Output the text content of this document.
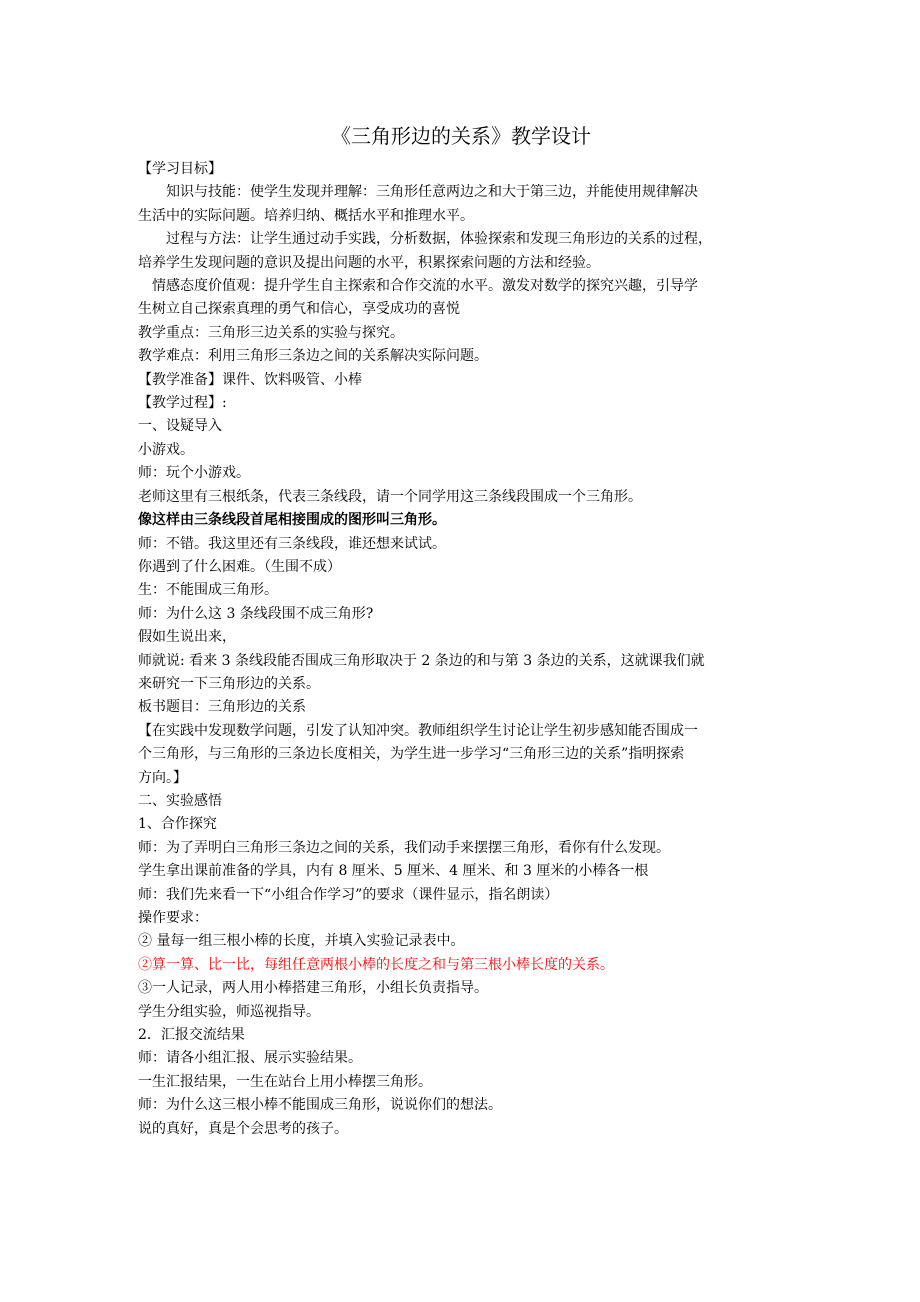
《三角形边的关系》教学设计
【学习目标】
知识与技能：使学生发现并理解：三角形任意两边之和大于第三边，并能使用规律解决
生活中的实际问题。培养归纳、概括水平和推理水平。
过程与方法：让学生通过动手实践，分析数据，体验探索和发现三角形边的关系的过程，
培养学生发现问题的意识及提出问题的水平，积累探索问题的方法和经验。
情感态度价值观：提升学生自主探索和合作交流的水平。激发对数学的探究兴趣，引导学
生树立自己探索真理的勇气和信心，享受成功的喜悦
教学重点：三角形三边关系的实验与探究。
教学难点：利用三角形三条边之间的关系解决实际问题。
【教学准备】课件、饮料吸管、小棒
【教学过程】:
一、设疑导入
小游戏。
师：玩个小游戏。
老师这里有三根纸条，代表三条线段，请一个同学用这三条线段围成一个三角形。
像这样由三条线段首尾相接围成的图形叫三角形。
师：不错。我这里还有三条线段，谁还想来试试。
你遇到了什么困难。（生围不成）
生：不能围成三角形。
师：为什么这 3 条线段围不成三角形?
假如生说出来，
师就说: 看来 3 条线段能否围成三角形取决于 2 条边的和与第 3 条边的关系，这就课我们就
来研究一下三角形边的关系。
板书题目：三角形边的关系
【在实践中发现数学问题，引发了认知冲突。教师组织学生讨论让学生初步感知能否围成一
个三角形，与三角形的三条边长度相关，为学生进一步学习“三角形三边的关系”指明探索
方向。】
二、实验感悟
1、合作探究
师：为了弄明白三角形三条边之间的关系，我们动手来摆摆三角形，看你有什么发现。
学生拿出课前准备的学具，内有 8 厘米、5 厘米、4 厘米、和 3 厘米的小棒各一根
师：我们先来看一下“小组合作学习”的要求（课件显示，指名朗读）
操作要求：
② 量每一组三根小棒的长度，并填入实验记录表中。
②算一算、比一比，每组任意两根小棒的长度之和与第三根小棒长度的关系。
③一人记录，两人用小棒搭建三角形，小组长负责指导。
学生分组实验，师巡视指导。
2．汇报交流结果
师：请各小组汇报、展示实验结果。
一生汇报结果，一生在站台上用小棒摆三角形。
师：为什么这三根小棒不能围成三角形，说说你们的想法。
说的真好，真是个会思考的孩子。
